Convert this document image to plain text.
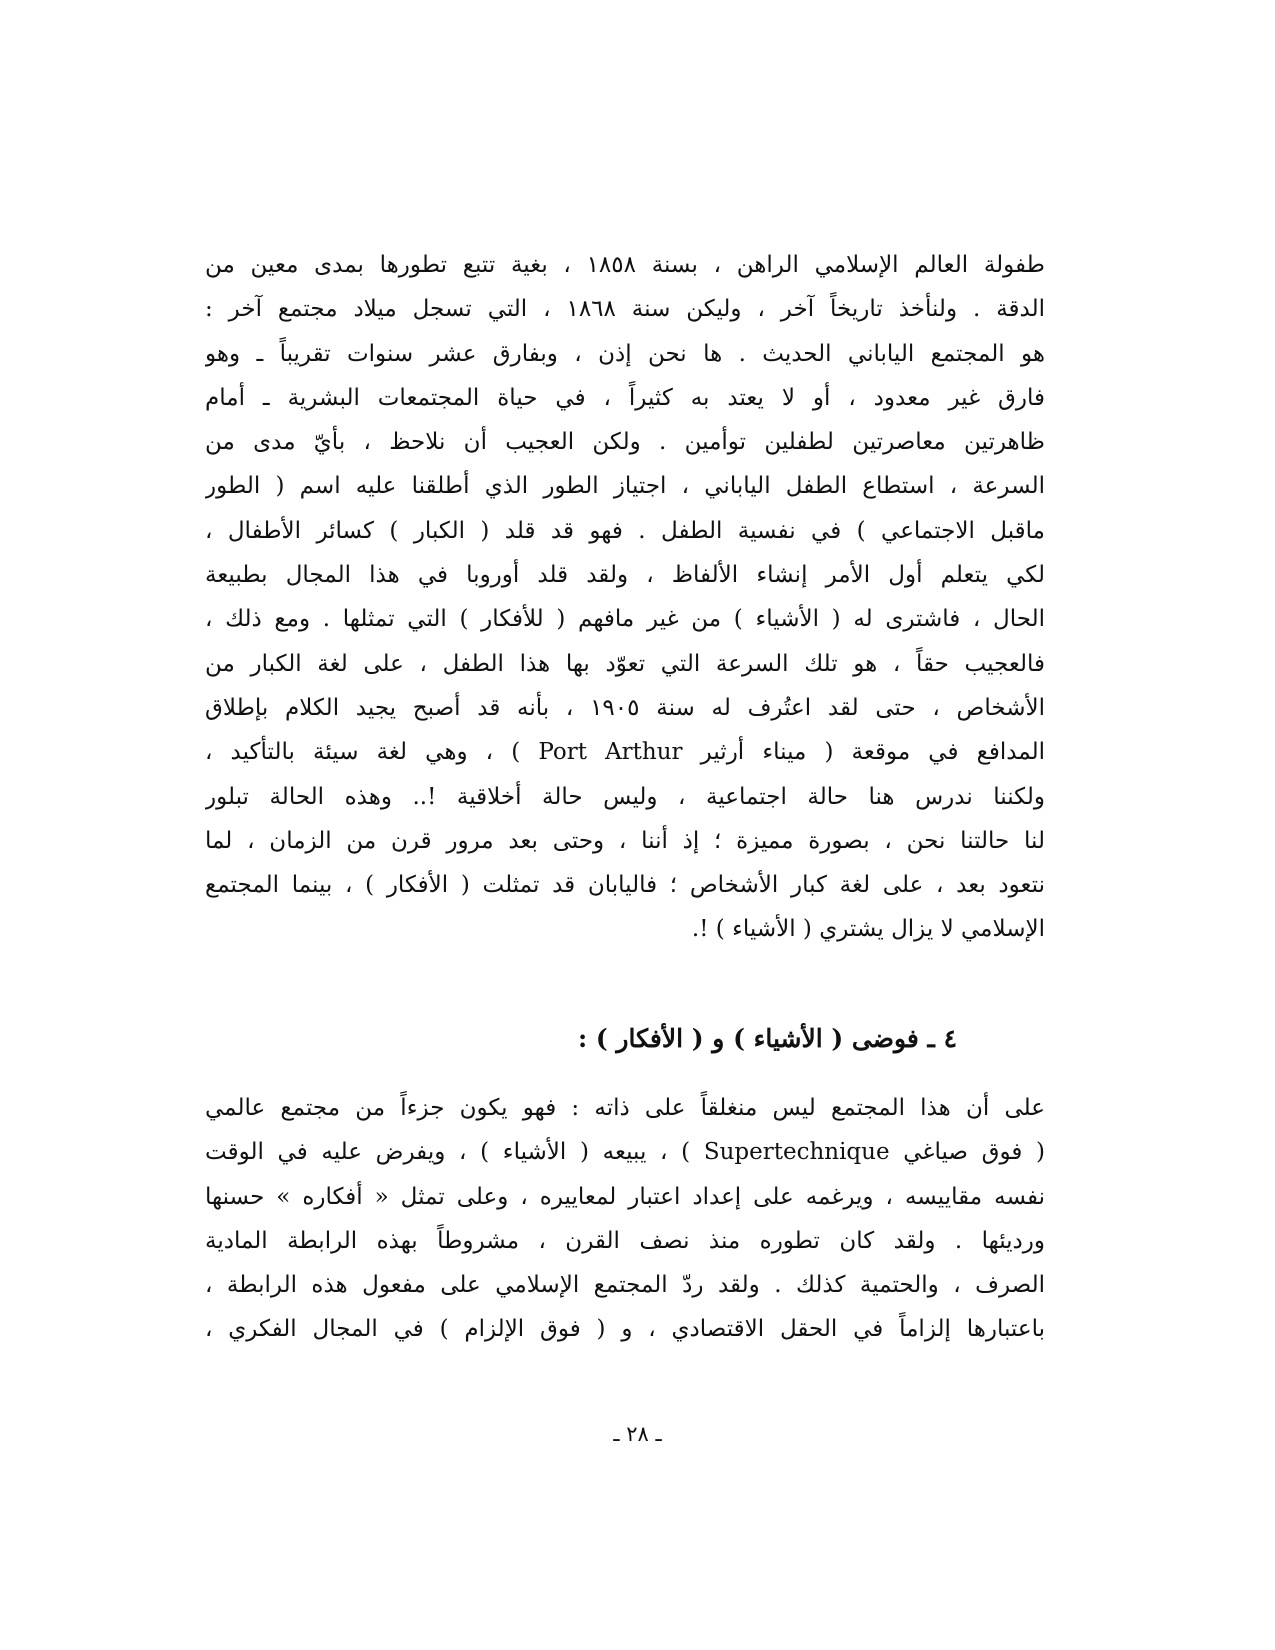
طفولة العالم الإسلامي الراهن ، بسنة ١٨٥٨ ، بغية تتبع تطورها بمدى معين من
الدقة . ولنأخذ تاريخاً آخر ، وليكن سنة ١٨٦٨ ، التي تسجل ميلاد مجتمع آخر :
هو المجتمع الياباني الحديث . ها نحن إذن ، وبفارق عشر سنوات تقريباً ـ وهو
فارق غير معدود ، أو لا يعتد به كثيراً ، في حياة المجتمعات البشرية ـ أمام
ظاهرتين معاصرتين لطفلين توأمين . ولكن العجيب أن نلاحظ ، بأيّ مدى من
السرعة ، استطاع الطفل الياباني ، اجتياز الطور الذي أطلقنا عليه اسم ( الطور
ماقبل الاجتماعي ) في نفسية الطفل . فهو قد قلد ( الكبار ) كسائر الأطفال ،
لكي يتعلم أول الأمر إنشاء الألفاظ ، ولقد قلد أوروبا في هذا المجال بطبيعة
الحال ، فاشترى له ( الأشياء ) من غير مافهم ( للأفكار ) التي تمثلها . ومع ذلك ،
فالعجيب حقاً ، هو تلك السرعة التي تعوّد بها هذا الطفل ، على لغة الكبار من
الأشخاص ، حتى لقد اعتُرف له سنة ١٩٠٥ ، بأنه قد أصبح يجيد الكلام بإطلاق
المدافع في موقعة ( ميناء أرثير Port Arthur ) ، وهي لغة سيئة بالتأكيد ،
ولكننا ندرس هنا حالة اجتماعية ، وليس حالة أخلاقية !.. وهذه الحالة تبلور
لنا حالتنا نحن ، بصورة مميزة ؛ إذ أننا ، وحتى بعد مرور قرن من الزمان ، لما
نتعود بعد ، على لغة كبار الأشخاص ؛ فاليابان قد تمثلت ( الأفكار ) ، بينما المجتمع
الإسلامي لا يزال يشتري ( الأشياء ) !.
٤ ـ فوضى ( الأشياء ) و ( الأفكار ) :
على أن هذا المجتمع ليس منغلقاً على ذاته : فهو يكون جزءاً من مجتمع عالمي
( فوق صياغي Supertechnique ) ، يبيعه ( الأشياء ) ، ويفرض عليه في الوقت
نفسه مقاييسه ، ويرغمه على إعداد اعتبار لمعاييره ، وعلى تمثل « أفكاره » حسنها
ورديئها . ولقد كان تطوره منذ نصف القرن ، مشروطاً بهذه الرابطة المادية
الصرف ، والحتمية كذلك . ولقد ردّ المجتمع الإسلامي على مفعول هذه الرابطة ،
باعتبارها إلزاماً في الحقل الاقتصادي ، و ( فوق الإلزام ) في المجال الفكري ،

ـ ٢٨ ـ
